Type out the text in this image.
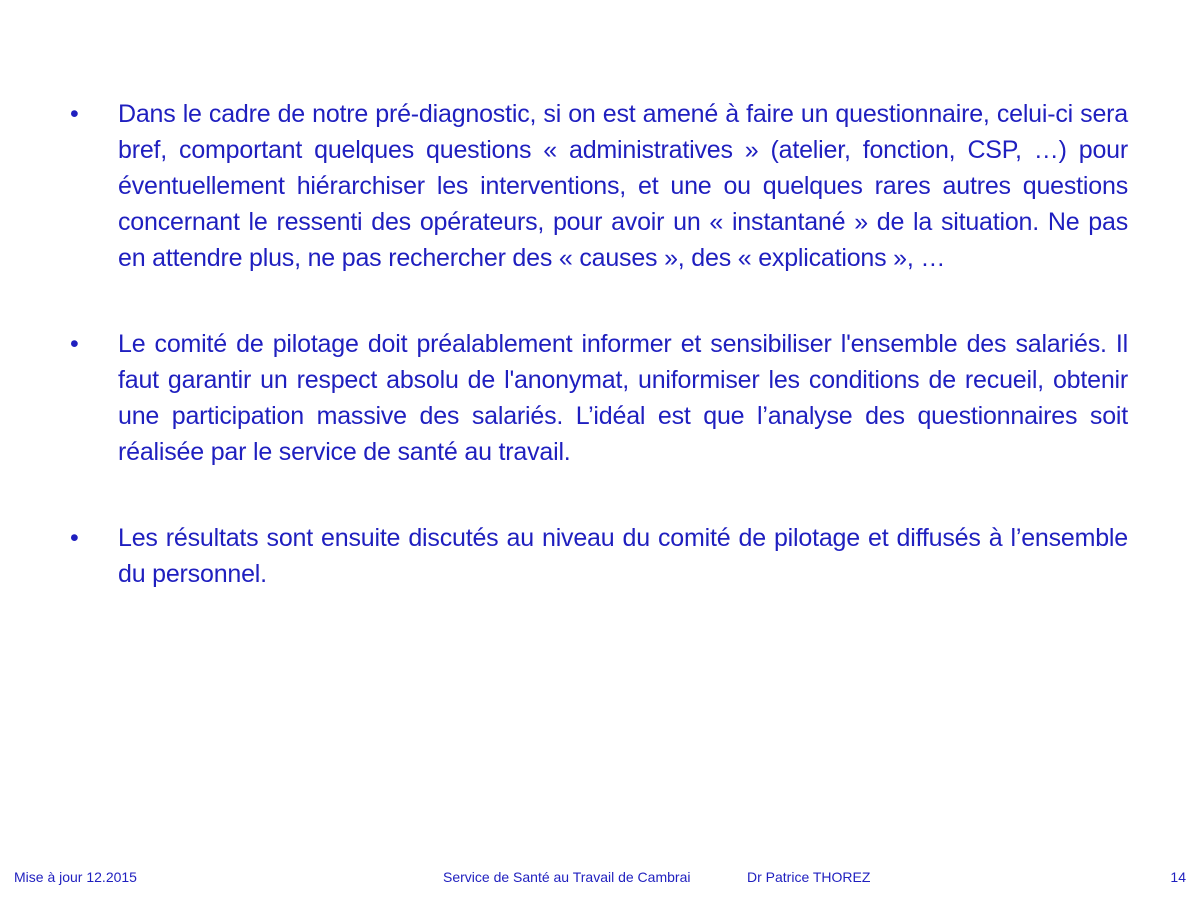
•	Dans le cadre de notre pré-diagnostic, si on est amené à faire un questionnaire, celui-ci sera bref, comportant quelques questions « administratives » (atelier, fonction, CSP, …) pour éventuellement hiérarchiser les interventions, et une ou quelques rares autres questions concernant le ressenti des opérateurs, pour avoir un « instantané » de la situation. Ne pas en attendre plus, ne pas rechercher des « causes », des « explications », …
•	Le comité de pilotage doit préalablement informer et sensibiliser l'ensemble des salariés. Il faut garantir un respect absolu de l'anonymat, uniformiser les conditions de recueil, obtenir une participation massive des salariés. L’idéal est que l’analyse des questionnaires soit réalisée par le service de santé au travail.
•	Les résultats sont ensuite discutés au niveau du comité de pilotage et diffusés à l’ensemble du personnel.
Mise à jour 12.2015	Service de Santé au Travail de Cambrai	Dr Patrice THOREZ	14
